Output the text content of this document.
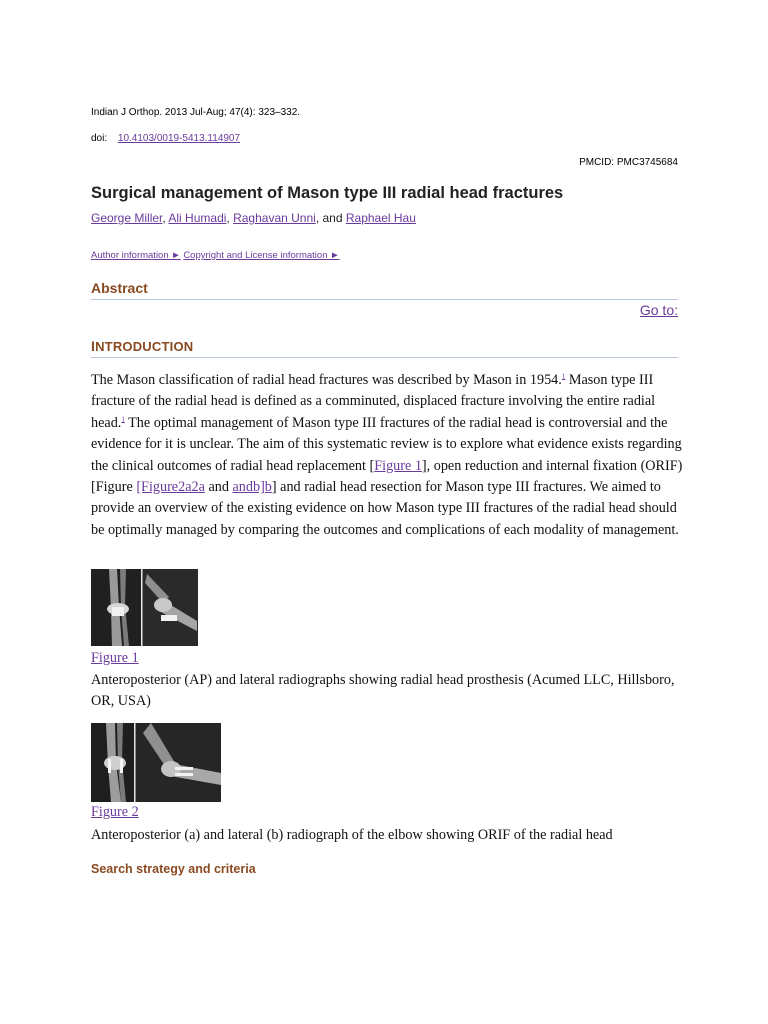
Indian J Orthop. 2013 Jul-Aug; 47(4): 323–332.
doi: 10.4103/0019-5413.114907
PMCID: PMC3745684
Surgical management of Mason type III radial head fractures
George Miller, Ali Humadi, Raghavan Unni, and Raphael Hau
Author information ► Copyright and License information ►
Abstract
Go to:
INTRODUCTION
The Mason classification of radial head fractures was described by Mason in 1954.$^1$ Mason type III fracture of the radial head is defined as a comminuted, displaced fracture involving the entire radial head.$^1$ The optimal management of Mason type III fractures of the radial head is controversial and the evidence for it is unclear. The aim of this systematic review is to explore what evidence exists regarding the clinical outcomes of radial head replacement [Figure 1], open reduction and internal fixation (ORIF) [Figure [Figure2a2a and andb]b] and radial head resection for Mason type III fractures. We aimed to provide an overview of the existing evidence on how Mason type III fractures of the radial head should be optimally managed by comparing the outcomes and complications of each modality of management.
Figure 1
Anteroposterior (AP) and lateral radiographs showing radial head prosthesis (Acumed LLC, Hillsboro, OR, USA)
Figure 2
Anteroposterior (a) and lateral (b) radiograph of the elbow showing ORIF of the radial head
Search strategy and criteria
